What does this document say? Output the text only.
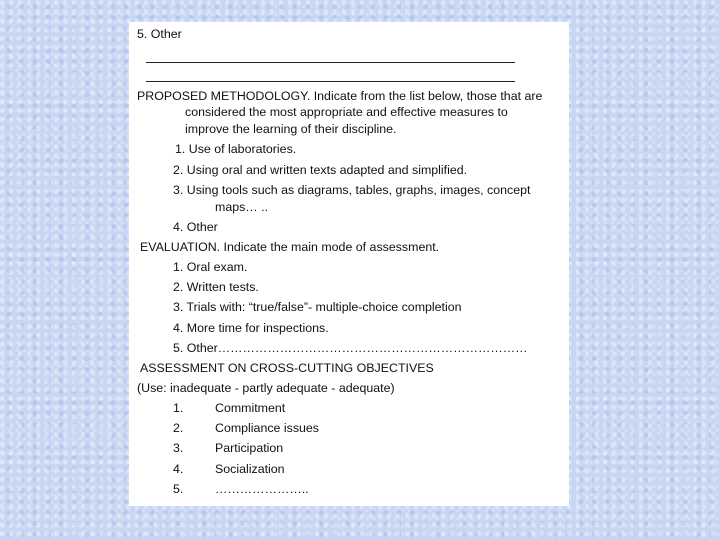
5. Other
PROPOSED METHODOLOGY. Indicate from the list below, those that are
considered the most appropriate and effective measures to
improve the learning of their discipline.
1. Use of laboratories.
2. Using oral and written texts adapted and simplified.
3. Using tools such as diagrams, tables, graphs, images, concept
maps… ..
4. Other
EVALUATION. Indicate the main mode of assessment.
1. Oral exam.
2. Written tests.
3. Trials with: “true/false”- multiple-choice completion
4. More time for inspections.
5. Other…………………………………………………………………
ASSESSMENT ON CROSS-CUTTING OBJECTIVES
(Use: inadequate - partly adequate - adequate)
1.	Commitment
2.	Compliance issues
3.	Participation
4.	Socialization
5.	…………………..
